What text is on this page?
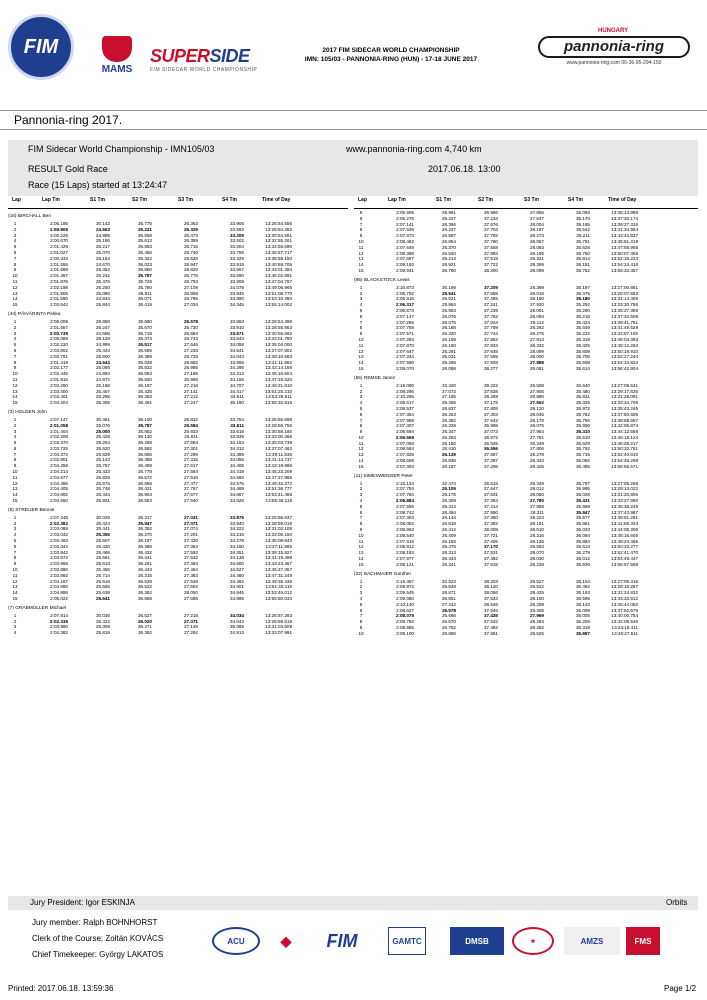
FIM
MAMS
SUPERSIDE
FIM SIDECAR WORLD CHAMPIONSHIP
2017 FIM SIDECAR WORLD CHAMPIONSHIP
IMN: 105/03 - PANNONIA-RING (HUN) - 17-18 JUNE 2017
HUNGARY
pannonia-ring
www.pannonia-ring.com 00-36-95-294-150
Pannonia-ring 2017.
FIM Sidecar World Championship - IMN105/03	www.pannonia-ring.com 4,740 km
RESULT Gold Race	2017.06.18. 13:00
Race (15 Laps) started at 13:24:47
Lap	Lap Tm	S1 Tm	S2 Tm	S3 Tm	S4 Tm	Time of Day
(16) BIRCHALL Ben
1	2:06.185	30.142	35.775	26.363	33.905	13:26:54.556
2	1:59.806	24.663	35.221	26.329	33.593	13:28:54.362
3	2:00.229	24.989	35.558	26.473	33.209	13:30:54.591
4	2:00.670	25.166	35.613	26.389	33.502	13:32:55.261
5	2:01.429	25.217	35.893	26.715	33.604	13:34:56.690
6	2:01.027	25.070	35.456	26.746	33.755	13:36:57.717
7	2:00.433	25.154	35.322	26.628	33.329	13:38:58.150
8	2:01.555	24.670	36.023	26.947	33.915	13:40:59.705
9	2:01.689	25.352	35.850	26.820	33.667	13:43:01.394
10	2:01.497	25.242	35.787	26.778	33.690	13:45:02.891
11	2:01.876	25.476	35.729	26.763	33.908	13:47:04.767
12	2:02.198	25.250	35.760	27.109	34.079	13:49:06.965
13	2:01.805	25.090	35.911	26.959	33.845	13:51:08.770
14	2:01.590	24.843	36.071	26.786	33.890	13:53:10.360
15	2:03.642	25.844	36.419	27.034	34.345	13:55:14.002
(44) PÄIVÄRINTA Pekka
1	2:06.009	29.868	35.680	26.578	33.863	13:26:54.396
2	2:01.557	25.247	35.670	26.730	33.910	13:28:55.953
3	2:00.739	24.665	35.719	26.684	33.671	13:30:56.692
4	2:05.088	28.128	36.374	26.743	33.843	13:33:01.780
5	2:02.220	24.999	35.517	27.646	34.058	13:35:04.000
6	2:03.802	25.443	36.585	27.233	34.541	13:37:07.802
7	2:02.761	25.600	36.389	26.728	34.044	13:39:10.563
8	2:01.419	24.644	36.028	26.882	33.865	13:41:11.982
9	2:02.177	25.065	35.832	26.985	34.295	13:43:14.159
10	2:02.445	24.893	36.053	27.186	34.313	13:45:16.604
11	2:01.916	24.972	35.820	26.968	34.156	13:47:18.520
12	2:03.290	25.168	36.197	27.218	34.707	13:49:21.810
13	2:03.400	25.407	36.435	27.141	34.417	13:51:25.210
14	2:03.401	25.295	36.283	27.212	34.611	13:53:28.611
15	2:04.204	25.306	36.491	27.247	35.160	13:55:32.815
(3) HOLDEN John
1	2:07.147	30.461	36.100	26.832	33.754	13:26:55.698
2	2:01.058	25.076	35.787	26.584	33.611	13:28:56.756
3	2:01.404	25.000	35.852	26.933	33.619	13:30:58.160
4	2:02.208	25.428	36.130	26.811	33.839	13:33:00.368
5	2:03.370	25.254	36.269	27.684	34.163	13:35:03.738
6	2:03.725	25.520	36.592	27.301	34.312	13:37:07.463
7	2:04.373	25.829	36.856	27.299	34.389	13:39:11.836
8	2:02.901	25.143	36.388	27.315	34.055	13:41:14.737
9	2:04.258	25.767	36.469	27.617	34.405	13:43:18.995
10	2:04.214	25.433	36.778	27.584	34.419	13:45:23.209
11	2:04.677	25.829	36.672	27.616	34.560	13:47:27.886
12	2:04.486	25.576	36.858	27.477	34.575	13:49:32.372
13	2:04.405	25.748	36.421	27.767	34.469	13:51:36.777
14	2:04.692	25.444	36.904	27.677	34.667	13:53:41.469
15	2:04.650	25.931	36.553	27.540	34.626	13:55:46.119
(5) STREUER Bennie
1	2:07.248	30.025	36.317	27.031	33.875	13:26:56.637
2	2:02.382	25.424	35.947	27.071	33.940	13:28:59.019
3	2:03.089	25.441	36.352	27.074	34.222	13:31:02.108
4	2:03.042	25.355	36.270	27.201	34.216	13:33:05.150
5	2:03.493	25.607	36.187	27.420	34.279	13:35:08.643
6	2:03.342	25.430	36.388	27.364	34.160	13:37:11.985
7	2:03.842	25.466	36.432	27.593	34.351	13:39:15.827
8	2:03.672	25.561	36.441	27.532	34.138	13:41:19.499
9	2:03.968	25.613	36.261	27.494	34.600	13:43:23.467
10	2:03.890	25.456	36.443	27.464	34.527	13:45:27.357
11	2:03.892	25.714	36.315	27.383	34.480	13:47:31.249
12	2:04.187	25.618	36.529	27.548	34.492	13:49:35.436
13	2:04.680	25.565	36.522	27.692	34.901	13:51:40.116
14	2:04.896	25.638	36.362	28.050	34.846	13:53:45.012
15	2:05.022	25.641	36.698	27.688	34.995	13:55:50.034
(7) GRABMÜLLER Michael
1	2:07.814	30.035	36.527	27.218	34.034	13:26:57.283
2	2:02.336	25.322	36.020	27.071	34.043	13:28:59.619
3	2:03.990	25.309	36.471	27.145	35.065	13:31:03.609
4	2:04.382	25.815	36.362	27.292	34.913	13:33:07.991
Lap	Lap Tm	S1 Tm	S2 Tm	S3 Tm	S4 Tm	Time of Day
5	2:05.905	25.991	36.966	27.855	35.093	13:35:13.896
6	2:06.278	26.227	37.234	27.647	35.170	13:37:20.174
7	2:07.141	26.366	37.576	28.004	35.195	13:39:27.315
8	2:07.649	26.237	37.703	28.167	35.542	13:41:34.964
9	2:07.873	26.597	37.792	28.273	35.211	13:43:42.837
10	2:08.482	26.854	37.780	28.067	35.781	13:45:51.319
11	2:07.649	26.370	37.558	28.093	35.628	13:47:58.968
12	2:08.388	26.540	37.893	28.195	35.760	13:50:07.356
13	2:07.867	26.213	37.519	28.321	35.814	13:52:15.223
14	2:09.193	26.921	37.722	28.399	36.151	13:54:24.416
15	2:08.941	26.790	38.300	28.099	35.752	13:56:33.357
(95) BLACKSTOCK Lewis
1	2:10.873	30.198	37.209	28.369	35.197	13:27:00.861
2	2:06.792	25.641	37.658	28.018	35.475	13:29:07.653
3	2:06.816	26.021	37.455	28.160	35.180	13:31:14.469
4	2:06.317	25.864	37.241	27.920	35.292	13:33:20.786
5	2:06.573	25.953	37.239	28.091	35.290	13:35:27.359
6	2:07.147	26.076	37.762	28.094	35.215	13:37:34.506
7	2:07.255	26.075	37.644	28.112	35.424	13:39:41.761
8	2:07.768	26.188	37.769	28.262	35.549	13:41:49.529
9	2:07.571	26.320	37.744	28.275	35.232	13:43:57.100
10	2:07.293	26.199	37.862	27.913	35.319	13:46:04.393
11	2:07.870	26.180	37.933	28.332	35.425	13:48:12.263
12	2:07.647	26.291	37.648	28.099	35.609	13:50:19.910
13	2:07.334	26.031	37.595	28.000	35.708	13:52:27.244
14	2:07.590	26.266	37.928	27.888	35.508	13:54:34.834
15	2:08.070	26.098	38.277	28.081	35.614	13:56:42.904
(55) REMSE Janez
1	2:19.090	33.420	39.222	29.508	36.940	13:27:09.531
2	2:08.295	27.072	37.838	27.905	35.480	13:29:17.826
3	2:10.265	27.185	38.269	28.880	35.931	13:31:28.091
4	2:06.617	26.455	37.175	27.662	35.325	13:33:34.708
5	2:08.537	26.637	37.808	28.120	35.972	13:35:43.245
6	2:07.364	26.253	37.303	28.046	35.762	13:37:50.609
7	2:07.958	26.382	37.642	28.178	35.756	13:39:58.567
8	2:07.307	26.328	36.998	28.075	35.906	13:42:05.874
9	2:06.694	26.347	37.073	27.964	35.310	13:44:12.568
10	2:06.556	26.293	36.972	27.781	35.510	13:46:19.124
11	2:07.093	26.180	36.935	28.349	35.629	13:48:26.217
12	2:06.564	26.410	36.556	27.806	35.792	13:50:32.781
13	2:07.829	26.139	37.697	28.278	35.715	13:52:40.610
14	2:08.658	26.836	37.387	28.343	36.092	13:54:49.268
15	2:07.303	26.187	37.206	28.425	35.485	13:56:56.571
(11) KIMESWENGER Peter
1	2:15.134	32.473	38.515	28.349	35.797	13:27:05.268
2	2:07.754	26.109	37.647	28.012	35.986	13:29:13.022
3	2:07.784	26.175	37.531	28.050	36.028	13:31:20.806
4	2:06.884	26.309	37.364	27.780	35.431	13:33:27.690
5	2:07.555	26.314	37.414	27.858	35.969	13:35:35.245
6	2:08.742	26.494	37.990	28.311	35.947	13:37:43.987
7	2:07.304	26.144	37.360	28.223	35.577	13:39:51.291
8	2:08.052	26.618	37.392	28.181	35.861	13:41:59.343
9	2:08.963	26.412	38.008	28.510	36.033	13:44:08.306
10	2:08.540	26.409	37.721	28.316	36.094	13:46:16.846
11	2:07.619	26.193	37.406	28.136	35.884	13:48:24.465
12	2:08.812	26.476	37.170	28.553	36.613	13:50:33.277
13	2:08.193	26.313	37.531	28.070	36.279	13:52:41.470
14	2:07.977	26.443	37.492	28.030	36.012	13:54:49.447
15	2:08.121	26.341	37.615	28.239	35.926	13:56:57.568
(22) BACHMAIER Günther
1	2:15.457	32.623	38.203	28.527	36.104	13:27:05.315
2	2:09.972	26.838	38.120	28.522	36.492	13:29:15.287
3	2:09.545	26.871	38.056	28.425	36.193	13:31:24.832
4	2:09.080	26.851	37.534	28.100	36.595	13:33:33.912
5	2:10.140	27.242	38.546	28.209	36.143	13:35:44.052
6	2:08.627	26.578	37.545	28.405	36.099	13:37:52.679
7	2:08.075	26.666	37.435	27.969	36.005	13:40:00.754
8	2:08.792	26.670	37.632	28.284	36.206	13:42:09.546
9	2:08.865	26.762	37.492	28.292	36.319	13:44:18.411
10	2:09.100	26.896	37.691	28.526	35.987	13:46:27.511
Jury President: Igor ESKINJA	Orbits
Jury member: Ralph BOHNHORST
Clerk of the Course: Zoltán KOVÁCS
Chief Timekeeper: György LAKATOS
ACU	◆	FIM	GAMTC	DMSB	★	AMZS	FMS
Printed: 2017.06.18. 13:59:36	Page 1/2
